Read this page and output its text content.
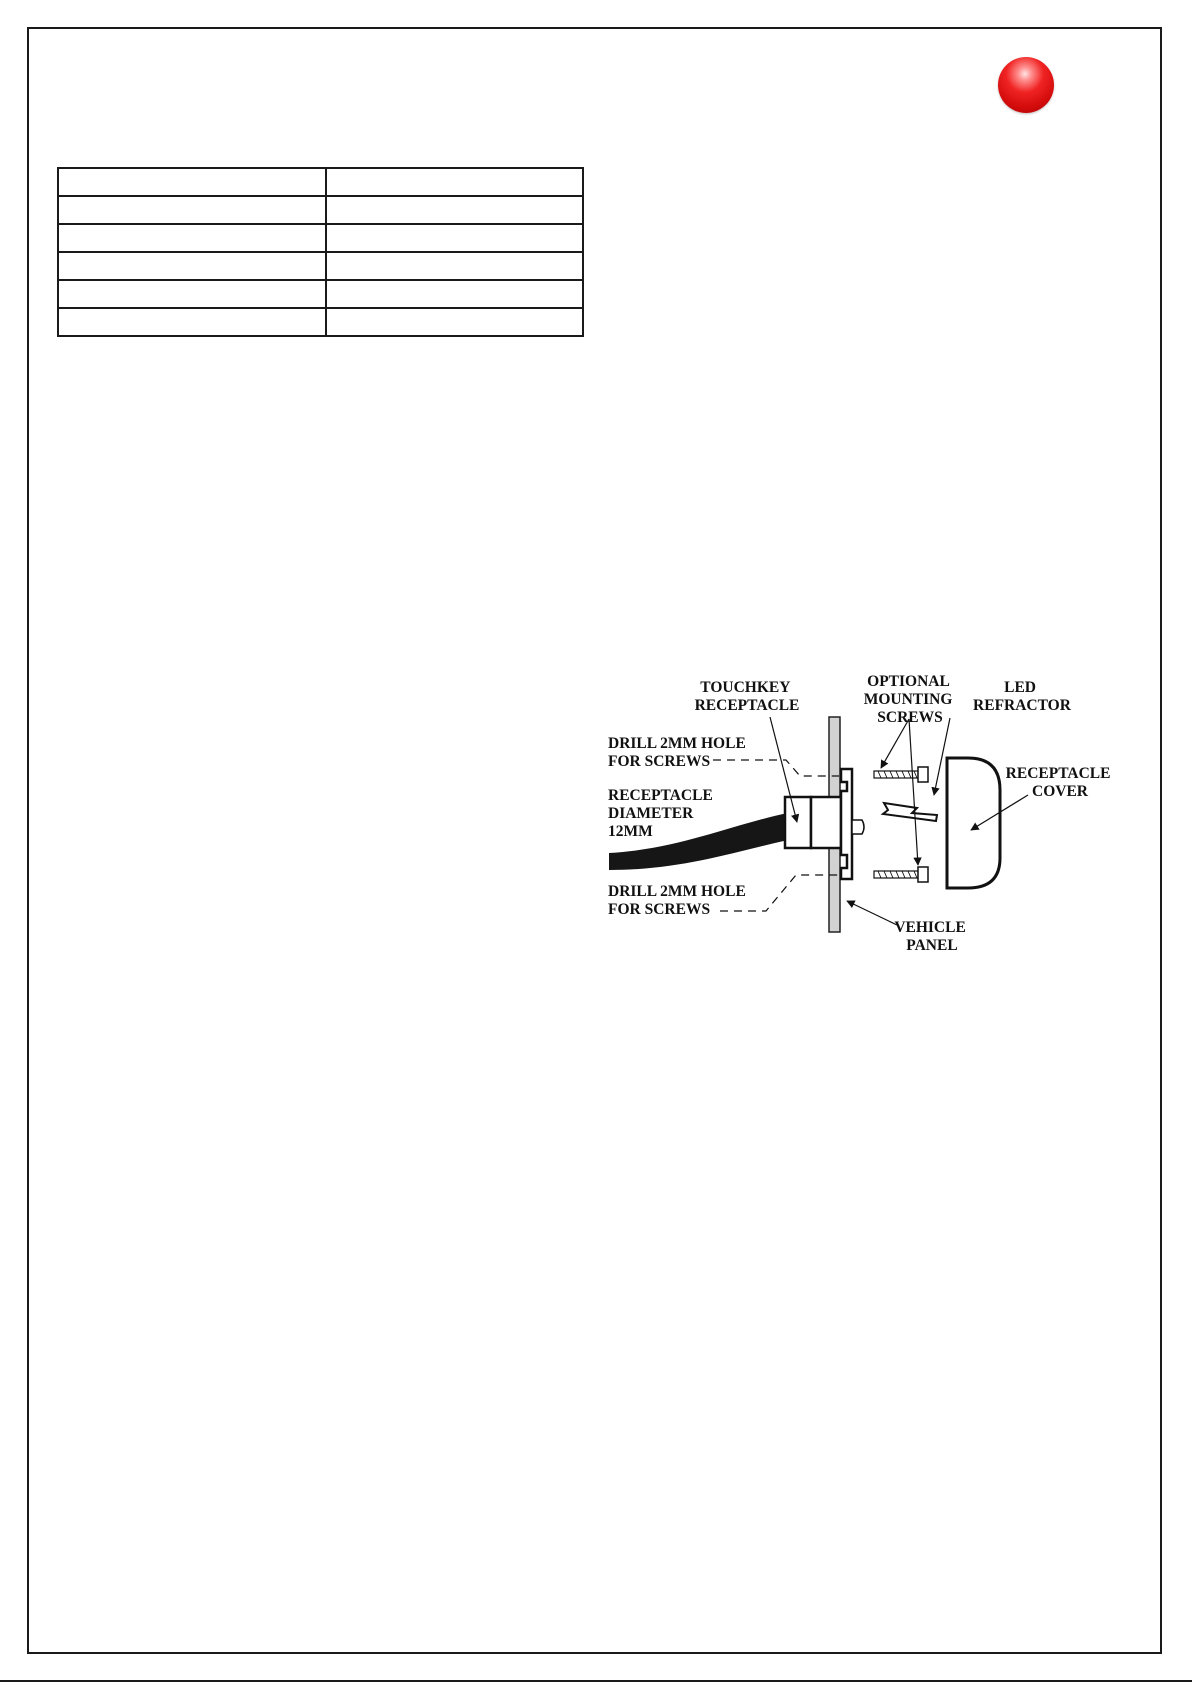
TOUCHKEY RECEPTACLE
OPTIONAL MOUNTING SCREWS
LED REFRACTOR
DRILL 2MM HOLE FOR SCREWS
RECEPTACLE DIAMETER 12MM
RECEPTACLE COVER
DRILL 2MM HOLE FOR SCREWS
VEHICLE PANEL
